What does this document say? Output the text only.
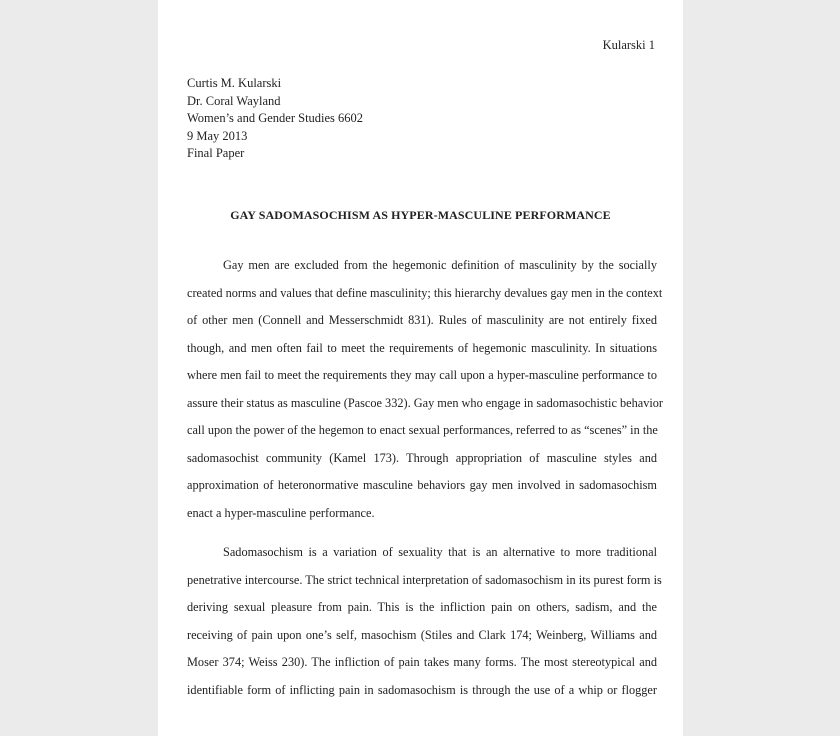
Kularski 1
Curtis M. Kularski
Dr. Coral Wayland
Women’s and Gender Studies 6602
9 May 2013
Final Paper
GAY SADOMASOCHISM AS HYPER-MASCULINE PERFORMANCE
Gay men are excluded from the hegemonic definition of masculinity by the socially
created norms and values that define masculinity; this hierarchy devalues gay men in the context
of other men (Connell and Messerschmidt 831). Rules of masculinity are not entirely fixed
though, and men often fail to meet the requirements of hegemonic masculinity. In situations
where men fail to meet the requirements they may call upon a hyper-masculine performance to
assure their status as masculine (Pascoe 332). Gay men who engage in sadomasochistic behavior
call upon the power of the hegemon to enact sexual performances, referred to as “scenes” in the
sadomasochist community (Kamel 173). Through appropriation of masculine styles and
approximation of heteronormative masculine behaviors gay men involved in sadomasochism
enact a hyper-masculine performance.
Sadomasochism is a variation of sexuality that is an alternative to more traditional
penetrative intercourse. The strict technical interpretation of sadomasochism in its purest form is
deriving sexual pleasure from pain. This is the infliction pain on others, sadism, and the
receiving of pain upon one’s self, masochism (Stiles and Clark 174; Weinberg, Williams and
Moser 374; Weiss 230). The infliction of pain takes many forms. The most stereotypical and
identifiable form of inflicting pain in sadomasochism is through the use of a whip or flogger
